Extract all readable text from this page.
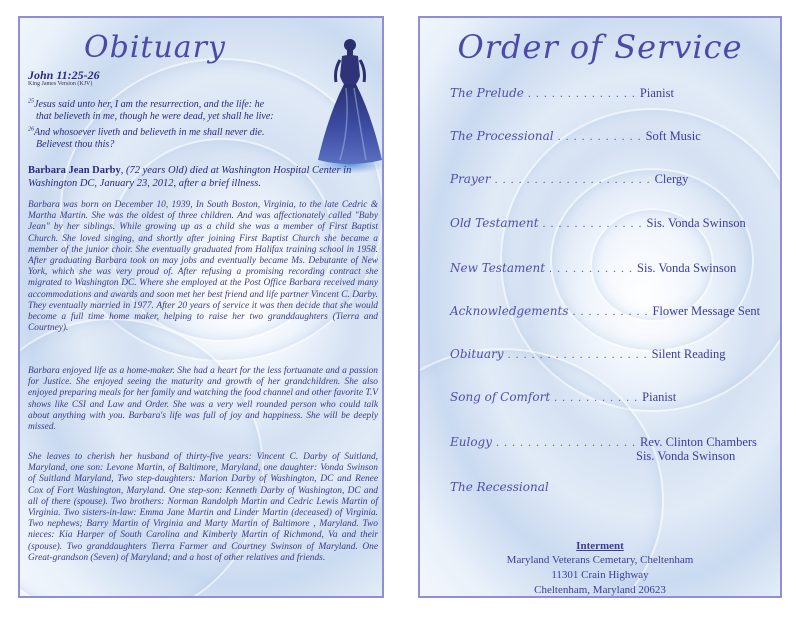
Obituary
John 11:25-26
King James Version (KJV)
$^{25}$Jesus said unto her, I am the resurrection, and the life: he
that believeth in me, though he were dead, yet shall he live:
$^{26}$And whosoever liveth and believeth in me shall never die.
Believest thou this?
Barbara Jean Darby, (72 years Old) died at Washington Hospital Center in Washington DC, January 23, 2012, after a brief illness.
Barbara was born on December 10, 1939, In South Boston, Virginia, to the late Cedric & Martha Martin. She was the oldest of three children. And was affectionately called "Baby Jean" by her siblings. While growing up as a child she was a member of First Baptist Church. She loved singing, and shortly after joining First Baptist Church she became a member of the junior choir. She eventually graduated from Halifax training school in 1958. After graduating Barbara took on may jobs and eventually became Ms. Debutante of New York, which she was very proud of. After refusing a promising recording contract she migrated to Washington DC. Where she employed at the Post Office Barbara received many accommodations and awards and soon met her best friend and life partner Vincent C. Darby. They eventually married in 1977. After 20 years of service it was then decide that she would become a full time home maker, helping to raise her two granddaughters (Tierra and Courtney).
Barbara enjoyed life as a home-maker. She had a heart for the less fortuanate and a passion for Justice. She enjoyed seeing the maturity and growth of her grandchildren. She also enjoyed preparing meals for her family and watching the food channel and other favorite T.V shows like CSI and Law and Order. She was a very well rounded person who could talk about anything with you. Barbara's life was full of joy and happiness. She will be deeply missed.
She leaves to cherish her husband of thirty-five years: Vincent C. Darby of Suitland, Maryland, one son: Levone Martin, of Baltimore, Maryland, one daughter: Vonda Swinson of Suitland Maryland, Two step-daughters: Marion Darby of Washington, DC and Renee Cox of Fort Washington, Maryland. One step-son: Kenneth Darby of Washington, DC and all of there (spouse). Two brothers: Norman Randolph Martin and Cedric Lewis Martin of Virginia. Two sisters-in-law: Emma Jane Martin and Linder Martin (deceased) of Virginia. Two nephews; Barry Martin of Virginia and Marty Martin of Baltimore , Maryland. Two nieces: Kia Harper of South Carolina and Kimberly Martin of Richmond, Va and their (spouse). Two granddaughters Tierra Farmer and Courtney Swinson of Maryland. One Great-grandson (Seven) of Maryland; and a host of other relatives and friends.
Order of Service
The Prelude . . . . . . . . . . . . . . Pianist
The Processional . . . . . . . . . . . Soft Music
Prayer . . . . . . . . . . . . . . . . . . . . Clergy
Old Testament . . . . . . . . . . . . . Sis. Vonda Swinson
New Testament . . . . . . . . . . . Sis. Vonda Swinson
Acknowledgements . . . . . . . . . . Flower Message Sent
Obituary . . . . . . . . . . . . . . . . . . Silent Reading
Song of Comfort . . . . . . . . . . . Pianist
Eulogy . . . . . . . . . . . . . . . . . . Rev. Clinton Chambers
Sis. Vonda Swinson
The Recessional
Interment
Maryland Veterans Cemetary, Cheltenham
11301 Crain Highway
Cheltenham, Maryland 20623
